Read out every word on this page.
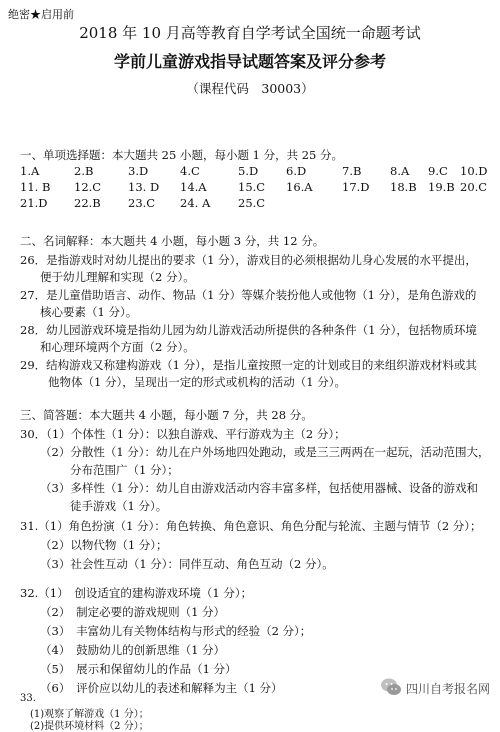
绝密★启用前
2018 年 10 月高等教育自学考试全国统一命题考试
学前儿童游戏指导试题答案及评分参考
（课程代码　30003）
一、单项选择题：本大题共 25 小题，每小题 1 分，共 25 分。
1.A	2.B	3.D	4.C	5.D 6.D	7.B 8.A 9.C 10.D
11. B 12.C 13. D 14.A	15.C 16.A	17.D 18.B 19.B 20.C
21.D 22.B 23.C 24. A 25.C
二、名词解释：本大题共 4 小题，每小题 3 分，共 12 分。
26．是指游戏时对幼儿提出的要求（1 分），游戏目的必须根据幼儿身心发展的水平提出，
便于幼儿理解和实现（2 分）。
27．是儿童借助语言、动作、物品（1 分）等媒介装扮他人或他物（1 分），是角色游戏的
核心要素（1 分）。
28．幼儿园游戏环境是指幼儿园为幼儿游戏活动所提供的各种条件（1 分），包括物质环境
和心理环境两个方面（2 分）。
29．结构游戏又称建构游戏（1 分），是指儿童按照一定的计划或目的来组织游戏材料或其
他物体（1 分），呈现出一定的形式或机构的活动（1 分）。
三、简答题：本大题共 4 小题，每小题 7 分，共 28 分。
30．（1）个体性（1 分）：以独自游戏、平行游戏为主（2 分）；
（2）分散性（1 分）：幼儿在户外场地四处跑动，或是三三两两在一起玩，活动范围大，
分布范围广（1 分）；
（3）多样性（1 分）：幼儿自由游戏活动内容丰富多样，包括使用器械、设备的游戏和
徒手游戏（1 分）。
31.（1）角色扮演（1 分）：角色转换、角色意识、角色分配与轮流、主题与情节（2 分）；
（2）以物代物（1 分）；
（3）社会性互动（1 分）：同伴互动、角色互动（2 分）。
32.（1）　创设适宜的建构游戏环境（1 分）；
（2）　制定必要的游戏规则（1 分）
（3）　丰富幼儿有关物体结构与形式的经验（2 分）；
（4）　鼓励幼儿的创新思维（1 分）
（5）　展示和保留幼儿的作品（1 分）
（6）　评价应以幼儿的表述和解释为主（1 分）
33.
(1)观察了解游戏（1 分）；
(2)提供环境材料（2 分）；
四川自考报名网
